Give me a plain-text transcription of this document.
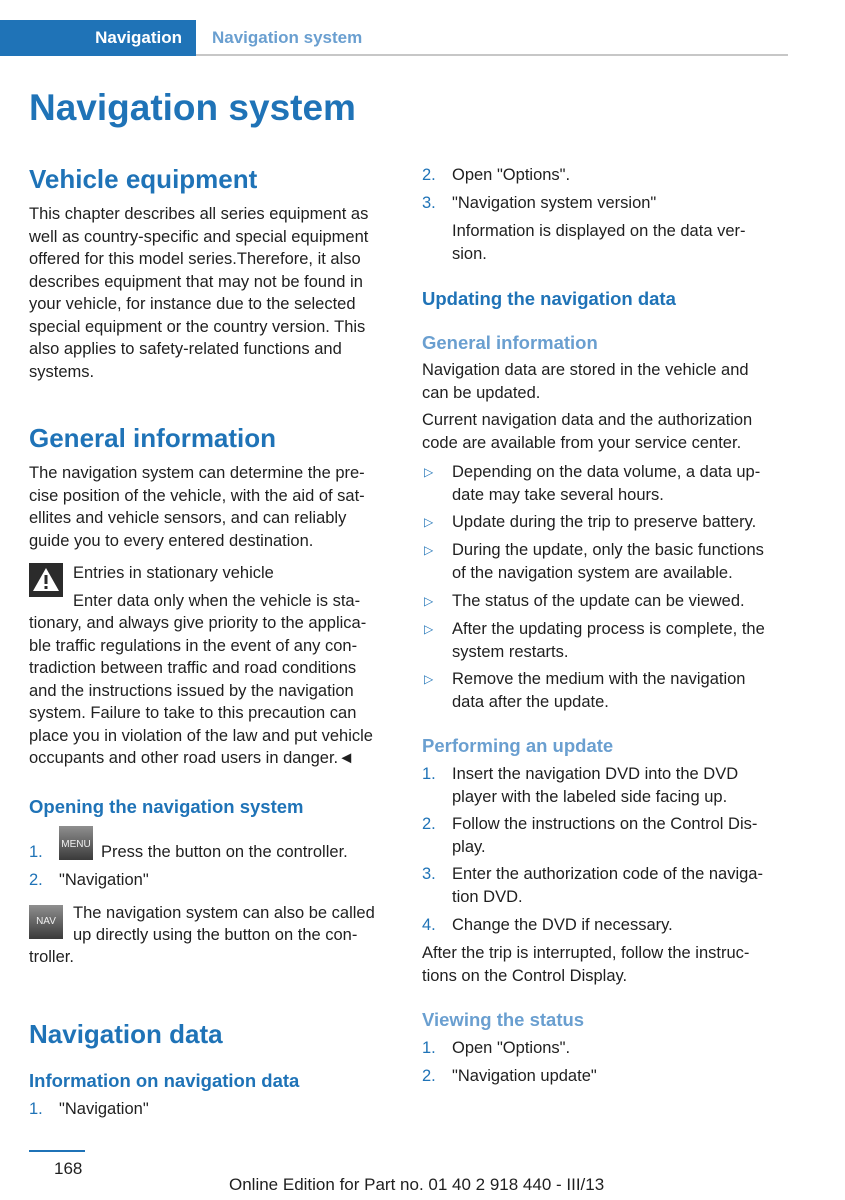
Navigation Navigation system
Navigation system
Vehicle equipment
This chapter describes all series equipment as
well as country-specific and special equipment
offered for this model series.Therefore, it also
describes equipment that may not be found in
your vehicle, for instance due to the selected
special equipment or the country version. This
also applies to safety-related functions and
systems.
General information
The navigation system can determine the pre-
cise position of the vehicle, with the aid of sat-
ellites and vehicle sensors, and can reliably
guide you to every entered destination.
Entries in stationary vehicle
Enter data only when the vehicle is sta-
tionary, and always give priority to the applica-
ble traffic regulations in the event of any con-
tradiction between traffic and road conditions
and the instructions issued by the navigation
system. Failure to take to this precaution can
place you in violation of the law and put vehicle
occupants and other road users in danger.◄
Opening the navigation system
1.	MENU Press the button on the controller.
2. "Navigation"
NAV	The navigation system can also be called
up directly using the button on the con-
troller.
Navigation data
Information on navigation data
1. "Navigation"
2. Open "Options".
3. "Navigation system version"
Information is displayed on the data ver-
sion.
Updating the navigation data
General information
Navigation data are stored in the vehicle and
can be updated.
Current navigation data and the authorization
code are available from your service center.
▷ Depending on the data volume, a data up-
date may take several hours.
▷ Update during the trip to preserve battery.
▷ During the update, only the basic functions
of the navigation system are available.
▷ The status of the update can be viewed.
▷ After the updating process is complete, the
system restarts.
▷ Remove the medium with the navigation
data after the update.
Performing an update
1. Insert the navigation DVD into the DVD
player with the labeled side facing up.
2. Follow the instructions on the Control Dis-
play.
3. Enter the authorization code of the naviga-
tion DVD.
4. Change the DVD if necessary.
After the trip is interrupted, follow the instruc-
tions on the Control Display.
Viewing the status
1. Open "Options".
2. "Navigation update"
168
Online Edition for Part no. 01 40 2 918 440 - III/13
